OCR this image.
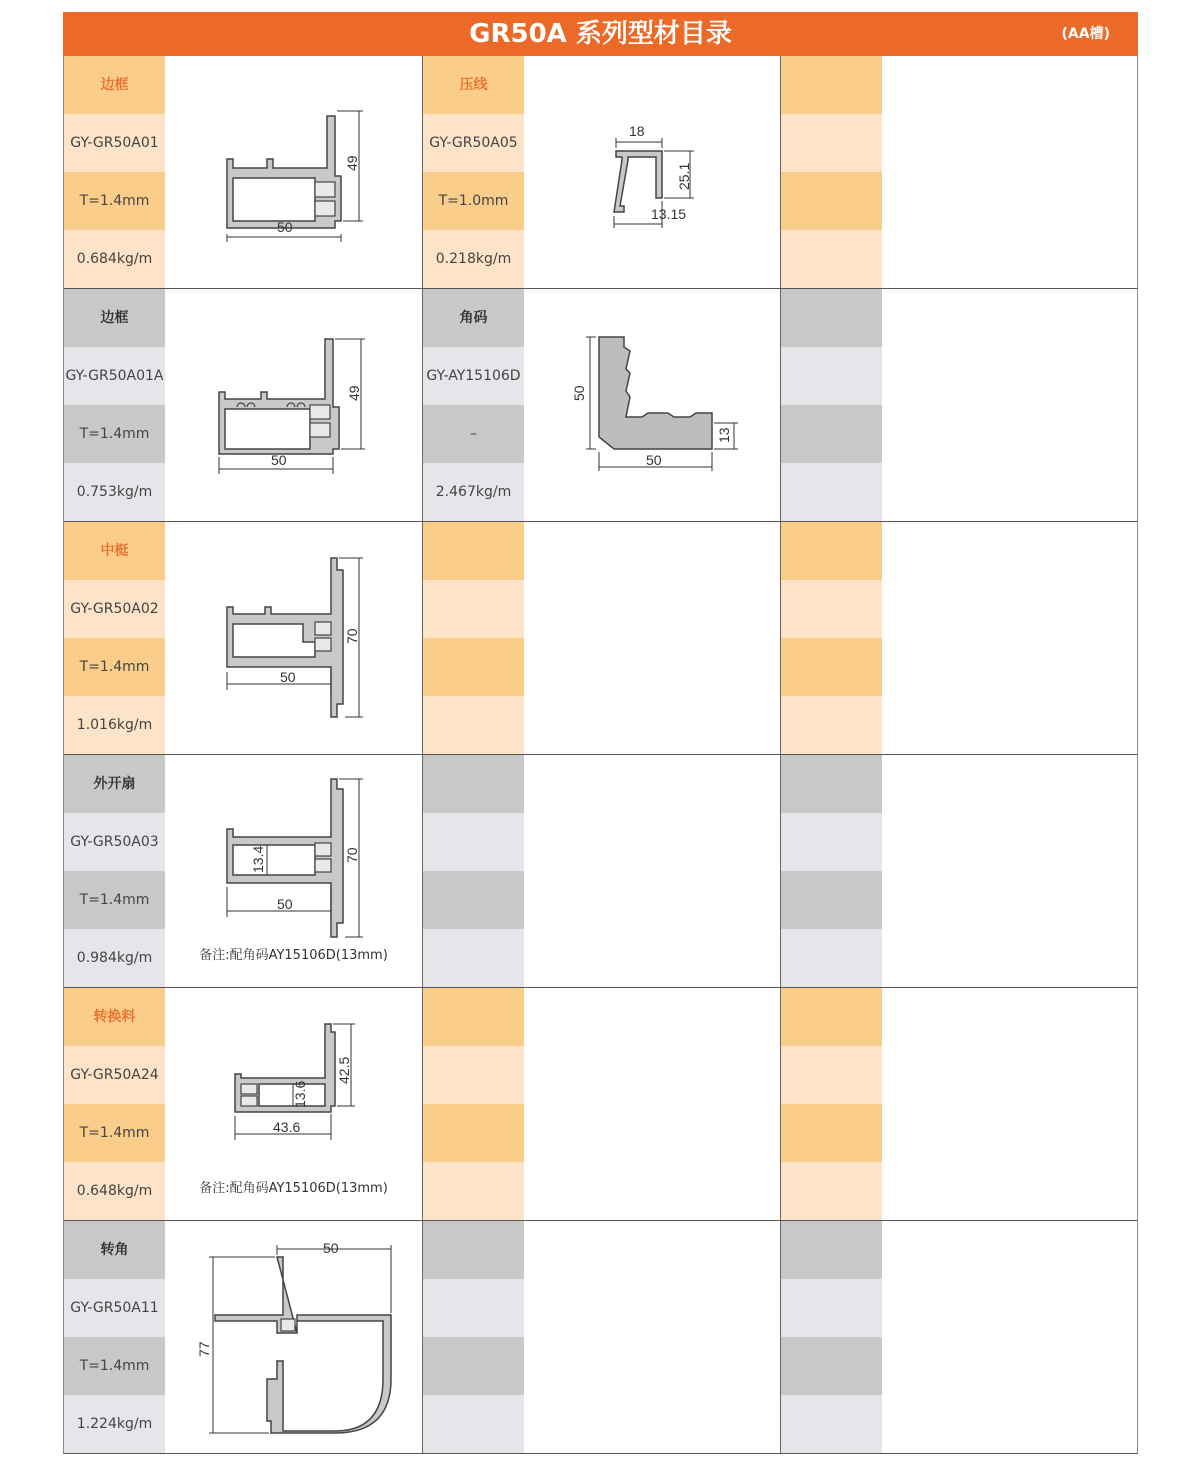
GR50A 系列型材目录	(AA槽)
边框
GY-GR50A01
T=1.4mm
0.684kg/m
50
49
压线
GY-GR50A05
T=1.0mm
0.218kg/m
18
25.1
13.15
边框
GY-GR50A01A
T=1.4mm
0.753kg/m
50
49
角码
GY-AY15106D
–
2.467kg/m
50
50
13
中梃
GY-GR50A02
T=1.4mm
1.016kg/m
50
70
外开扇
GY-GR50A03
T=1.4mm
0.984kg/m
50
70
13.4
备注:配角码AY15106D(13mm)
转换料
GY-GR50A24
T=1.4mm
0.648kg/m
43.6
42.5
13.6
备注:配角码AY15106D(13mm)
转角
GY-GR50A11
T=1.4mm
1.224kg/m
50
77
